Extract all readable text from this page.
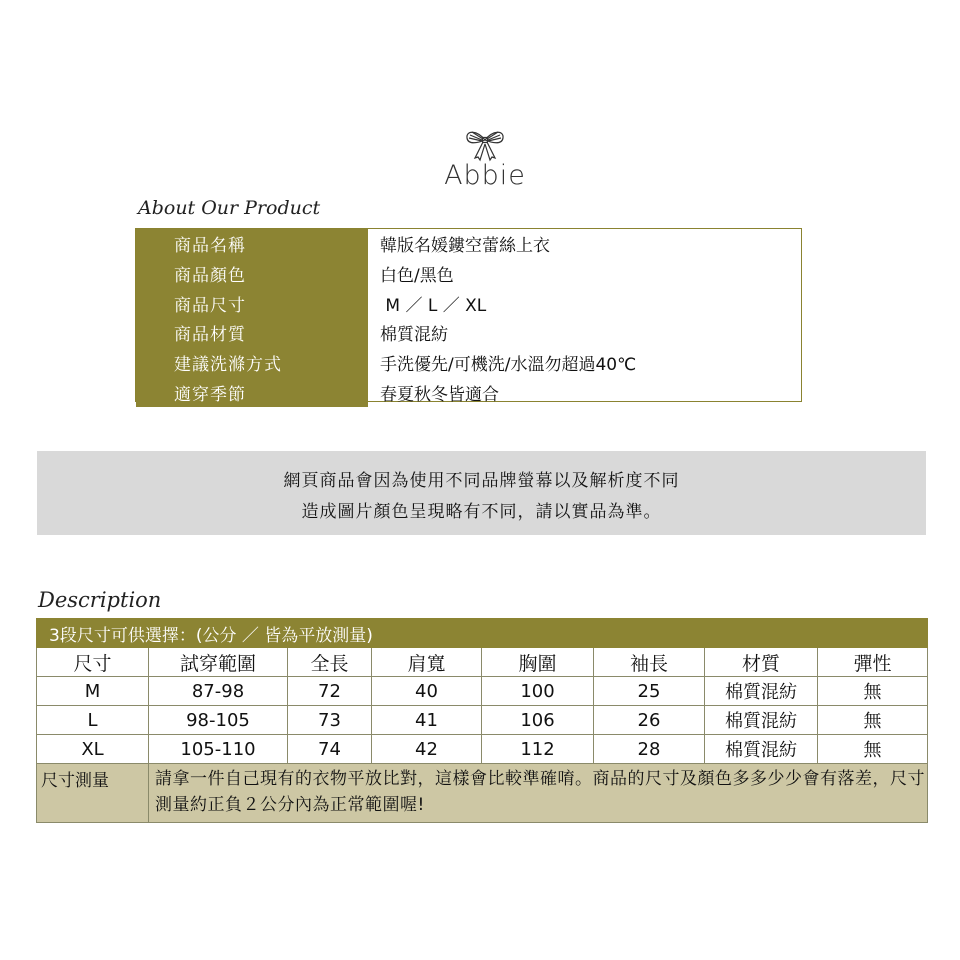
Abbie
About Our Product
商品名稱	韓版名媛鏤空蕾絲上衣
商品顏色	白色/黑色
商品尺寸	M ／ L ／ XL
商品材質	棉質混紡
建議洗滌方式	手洗優先/可機洗/水溫勿超過40℃
適穿季節	春夏秋冬皆適合
網頁商品會因為使用不同品牌螢幕以及解析度不同
造成圖片顏色呈現略有不同，請以實品為準。
Description
3段尺寸可供選擇：(公分 ／ 皆為平放測量)							
尺寸	試穿範圍	全長	肩寬	胸圍	袖長	材質	彈性
M	87-98	72	40	100	25	棉質混紡	無
L	98-105	73	41	106	26	棉質混紡	無
XL	105-110	74	42	112	28	棉質混紡	無
尺寸測量	請拿一件自己現有的衣物平放比對，這樣會比較準確唷。商品的尺寸及顏色多多少少會有落差，尺寸測量約正負２公分內為正常範圍喔!						
